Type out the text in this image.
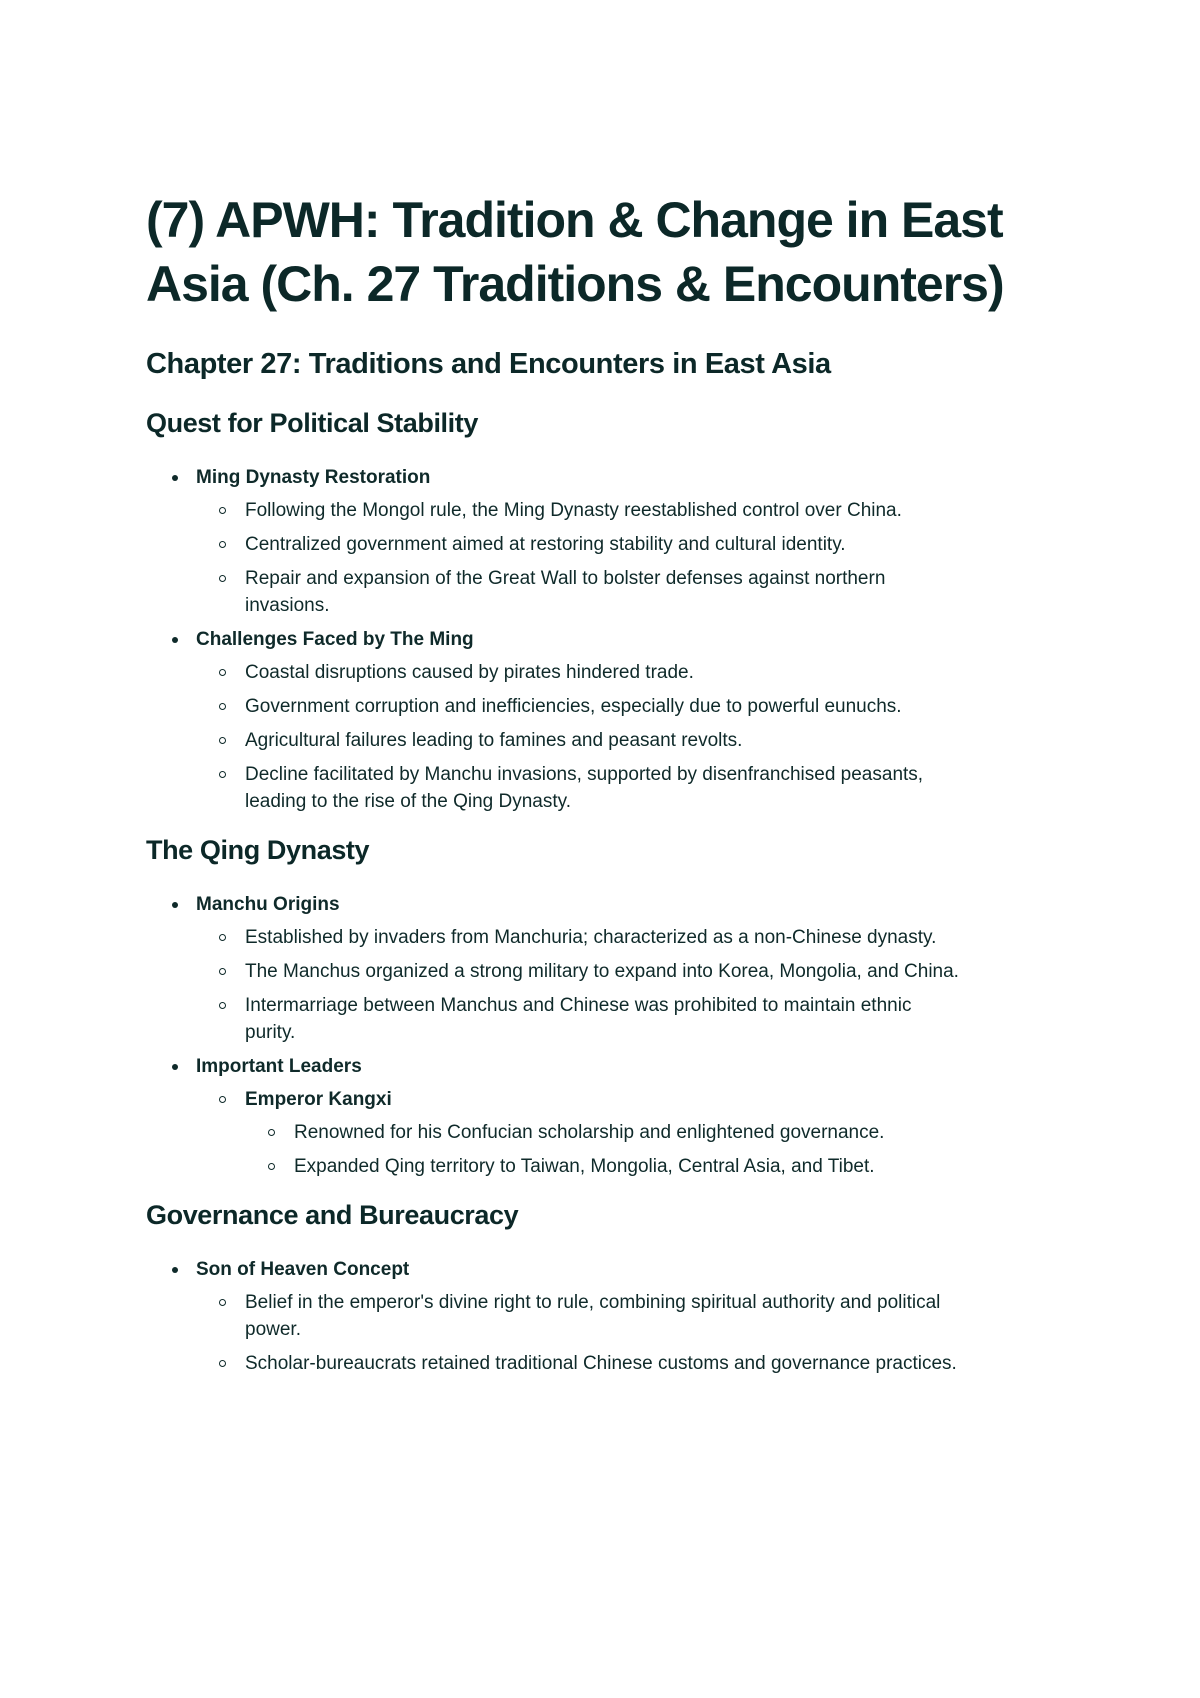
(7) APWH: Tradition & Change in East Asia (Ch. 27 Traditions & Encounters)
Chapter 27: Traditions and Encounters in East Asia
Quest for Political Stability
Ming Dynasty Restoration
Following the Mongol rule, the Ming Dynasty reestablished control over China.
Centralized government aimed at restoring stability and cultural identity.
Repair and expansion of the Great Wall to bolster defenses against northern invasions.
Challenges Faced by The Ming
Coastal disruptions caused by pirates hindered trade.
Government corruption and inefficiencies, especially due to powerful eunuchs.
Agricultural failures leading to famines and peasant revolts.
Decline facilitated by Manchu invasions, supported by disenfranchised peasants, leading to the rise of the Qing Dynasty.
The Qing Dynasty
Manchu Origins
Established by invaders from Manchuria; characterized as a non-Chinese dynasty.
The Manchus organized a strong military to expand into Korea, Mongolia, and China.
Intermarriage between Manchus and Chinese was prohibited to maintain ethnic purity.
Important Leaders
Emperor Kangxi
Renowned for his Confucian scholarship and enlightened governance.
Expanded Qing territory to Taiwan, Mongolia, Central Asia, and Tibet.
Governance and Bureaucracy
Son of Heaven Concept
Belief in the emperor's divine right to rule, combining spiritual authority and political power.
Scholar-bureaucrats retained traditional Chinese customs and governance practices.
